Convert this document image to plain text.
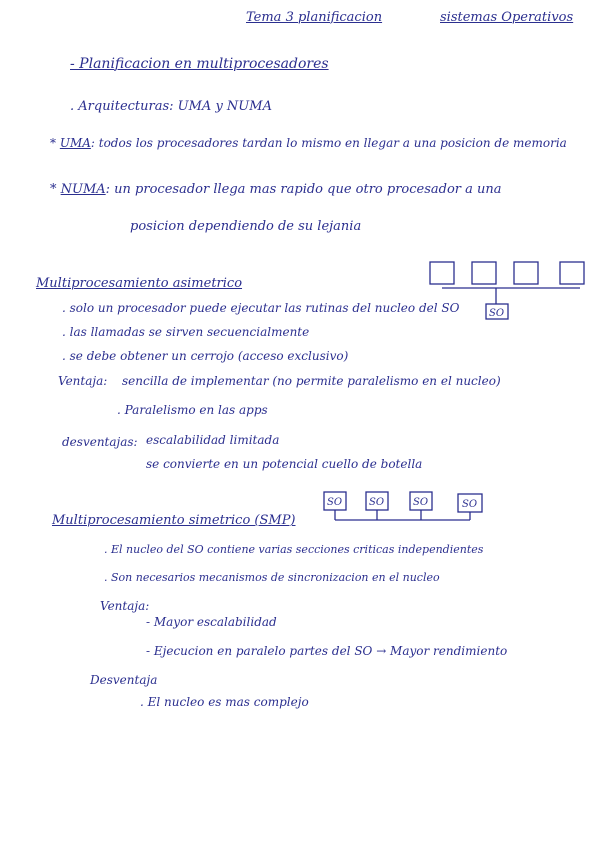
Tema 3 planificacion	sistemas Operativos
- Planificacion en multiprocesadores
. Arquitecturas: UMA y NUMA
* UMA: todos los procesadores tardan lo mismo en llegar a una posicion de memoria
* NUMA: un procesador llega mas rapido que otro procesador a una
posicion dependiendo de su lejania
Multiprocesamiento asimetrico
SO
. solo un procesador puede ejecutar las rutinas del nucleo del SO
. las llamadas se sirven secuencialmente
. se debe obtener un cerrojo (acceso exclusivo)
Ventaja: sencilla de implementar (no permite paralelismo en el nucleo)
. Paralelismo en las apps
desventajas: escalabilidad limitada
se convierte en un potencial cuello de botella
Multiprocesamiento simetrico (SMP)
SO	SO	SO	SO
. El nucleo del SO contiene varias secciones criticas independientes
. Son necesarios mecanismos de sincronizacion en el nucleo
Ventaja:
- Mayor escalabilidad
- Ejecucion en paralelo partes del SO → Mayor rendimiento
Desventaja
. El nucleo es mas complejo
